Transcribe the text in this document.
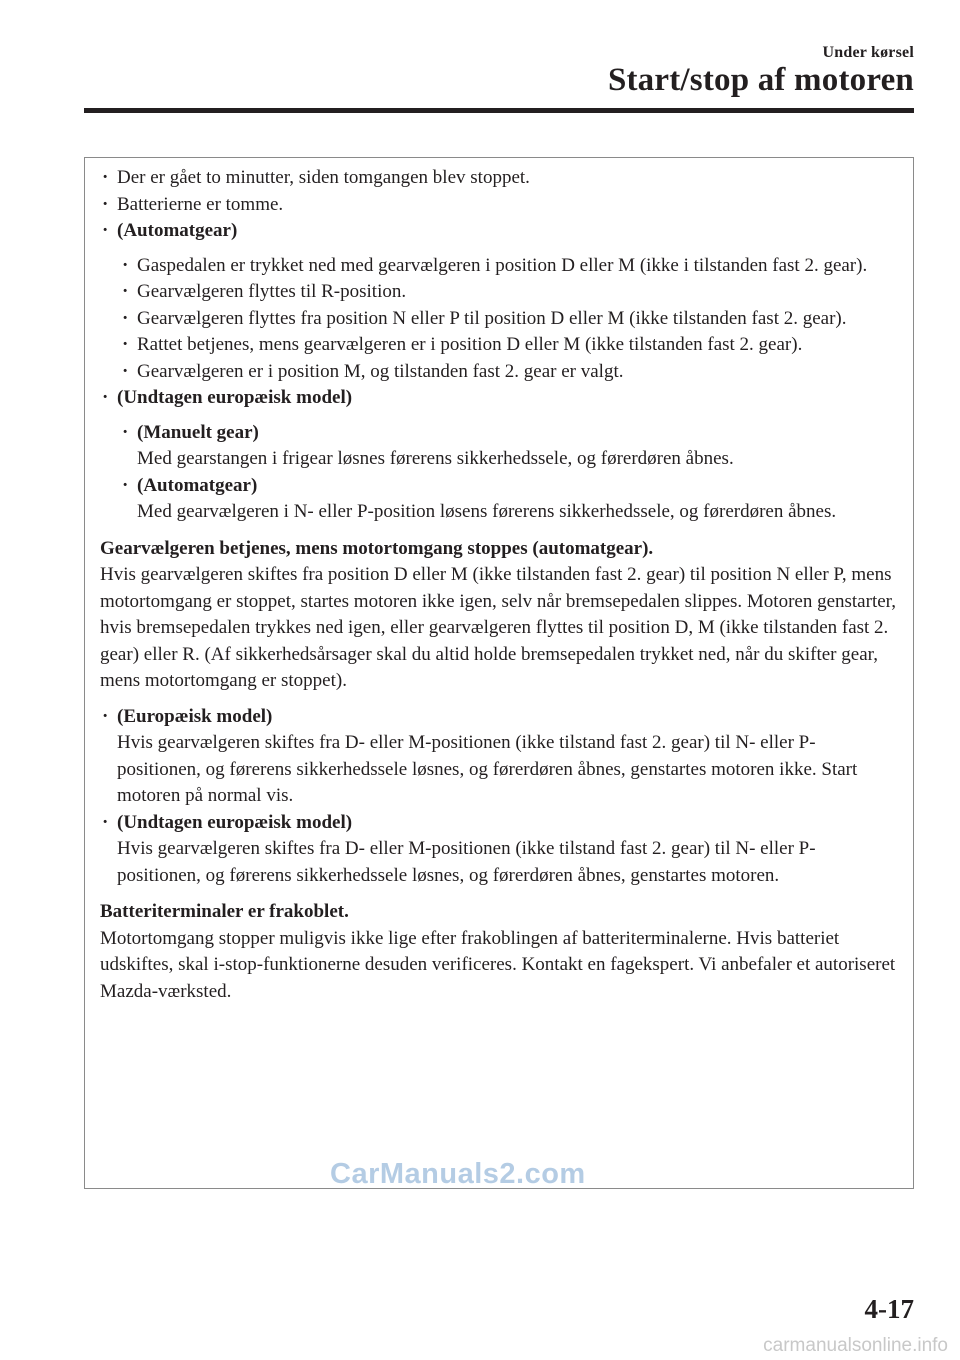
Under kørsel
Start/stop af motoren
· Der er gået to minutter, siden tomgangen blev stoppet.
· Batterierne er tomme.
· (Automatgear)
· Gaspedalen er trykket ned med gearvælgeren i position D eller M (ikke i tilstanden fast 2. gear).
· Gearvælgeren flyttes til R-position.
· Gearvælgeren flyttes fra position N eller P til position D eller M (ikke tilstanden fast 2. gear).
· Rattet betjenes, mens gearvælgeren er i position D eller M (ikke tilstanden fast 2. gear).
· Gearvælgeren er i position M, og tilstanden fast 2. gear er valgt.
· (Undtagen europæisk model)
· (Manuelt gear)
Med gearstangen i frigear løsnes førerens sikkerhedssele, og førerdøren åbnes.
· (Automatgear)
Med gearvælgeren i N- eller P-position løsens førerens sikkerhedssele, og førerdøren åbnes.
Gearvælgeren betjenes, mens motortomgang stoppes (automatgear).
Hvis gearvælgeren skiftes fra position D eller M (ikke tilstanden fast 2. gear) til position N eller P, mens motortomgang er stoppet, startes motoren ikke igen, selv når bremsepedalen slippes. Motoren genstarter, hvis bremsepedalen trykkes ned igen, eller gearvælgeren flyttes til position D, M (ikke tilstanden fast 2. gear) eller R. (Af sikkerhedsårsager skal du altid holde bremsepedalen trykket ned, når du skifter gear, mens motortomgang er stoppet).
· (Europæisk model)
Hvis gearvælgeren skiftes fra D- eller M-positionen (ikke tilstand fast 2. gear) til N- eller P-positionen, og førerens sikkerhedssele løsnes, og førerdøren åbnes, genstartes motoren ikke. Start motoren på normal vis.
· (Undtagen europæisk model)
Hvis gearvælgeren skiftes fra D- eller M-positionen (ikke tilstand fast 2. gear) til N- eller P-positionen, og førerens sikkerhedssele løsnes, og førerdøren åbnes, genstartes motoren.
Batteriterminaler er frakoblet.
Motortomgang stopper muligvis ikke lige efter frakoblingen af batteriterminalerne. Hvis batteriet udskiftes, skal i-stop-funktionerne desuden verificeres. Kontakt en fagekspert. Vi anbefaler et autoriseret Mazda-værksted.
4-17
CarManuals2.com
carmanualsonline.info
